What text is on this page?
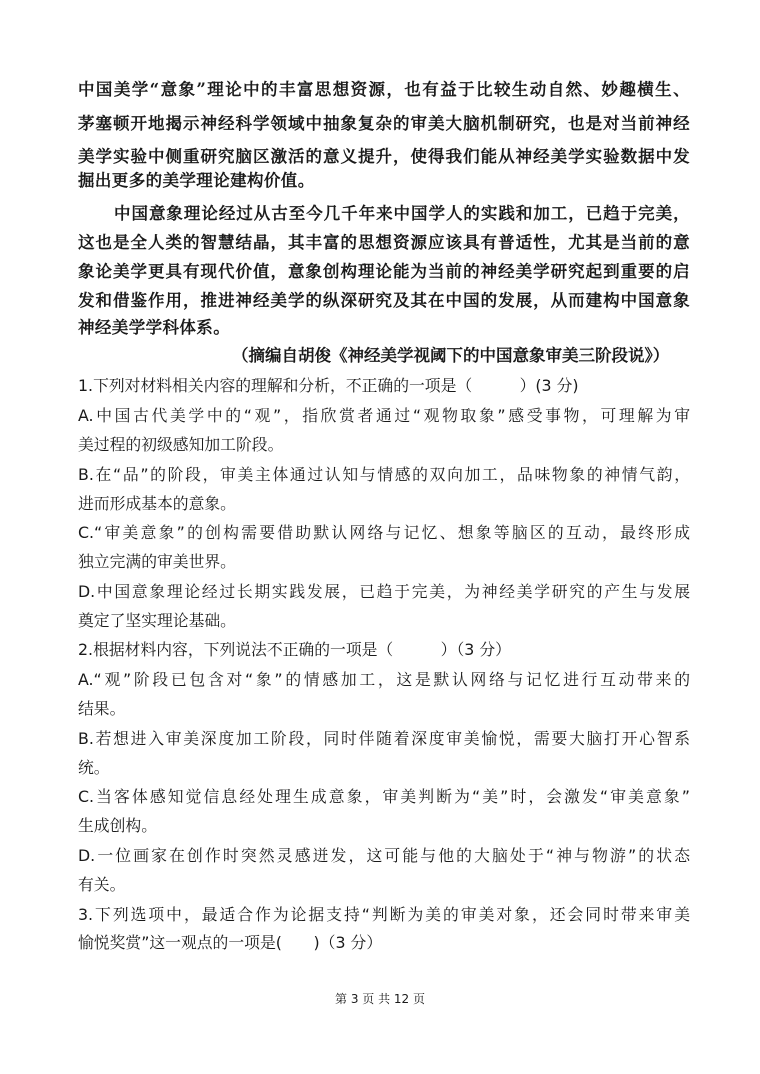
中国美学“意象”理论中的丰富思想资源，也有益于比较生动自然、妙趣横生、
茅塞顿开地揭示神经科学领域中抽象复杂的审美大脑机制研究，也是对当前神经
美学实验中侧重研究脑区激活的意义提升，使得我们能从神经美学实验数据中发
掘出更多的美学理论建构价值。
中国意象理论经过从古至今几千年来中国学人的实践和加工，已趋于完美，
这也是全人类的智慧结晶，其丰富的思想资源应该具有普适性，尤其是当前的意
象论美学更具有现代价值，意象创构理论能为当前的神经美学研究起到重要的启
发和借鉴作用，推进神经美学的纵深研究及其在中国的发展，从而建构中国意象
神经美学学科体系。
（摘编自胡俊《神经美学视阈下的中国意象审美三阶段说》）
1.下列对材料相关内容的理解和分析，不正确的一项是（　　　）(3 分)
A.中国古代美学中的“观”，指欣赏者通过“观物取象”感受事物，可理解为审
美过程的初级感知加工阶段。
B.在“品”的阶段，审美主体通过认知与情感的双向加工，品味物象的神情气韵，
进而形成基本的意象。
C.“审美意象”的创构需要借助默认网络与记忆、想象等脑区的互动，最终形成
独立完满的审美世界。
D.中国意象理论经过长期实践发展，已趋于完美，为神经美学研究的产生与发展
奠定了坚实理论基础。
2.根据材料内容，下列说法不正确的一项是（　　　）（3 分）
A.“观”阶段已包含对“象”的情感加工，这是默认网络与记忆进行互动带来的
结果。
B.若想进入审美深度加工阶段，同时伴随着深度审美愉悦，需要大脑打开心智系
统。
C.当客体感知觉信息经处理生成意象，审美判断为“美”时，会激发“审美意象”
生成创构。
D.一位画家在创作时突然灵感迸发，这可能与他的大脑处于“神与物游”的状态
有关。
3.下列选项中，最适合作为论据支持“判断为美的审美对象，还会同时带来审美
愉悦奖赏”这一观点的一项是(　　)（3 分）
第 3 页 共 12 页
